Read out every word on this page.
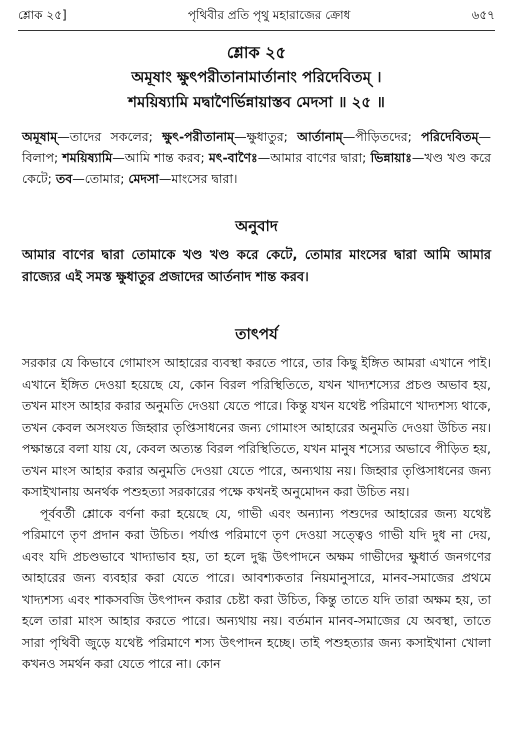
শ্লোক ২৫]	পৃথিবীর প্রতি পৃথু মহারাজের ক্রোধ	৬৫৭
শ্লোক ২৫
অমূষাং ক্ষুৎপরীতানামার্তানাং পরিদেবিতম্ ।
শময়িষ্যামি মদ্বাণৈর্ভিন্নায়াস্তব মেদসা ॥ ২৫ ॥
অমূষাম্—তাদের সকলের; ক্ষুৎ-পরীতানাম্—ক্ষুধাতুর; আর্তানাম্—পীড়িতদের; পরিদেবিতম্—বিলাপ; শময়িষ্যামি—আমি শান্ত করব; মৎ-বাণৈঃ—আমার বাণের দ্বারা; ভিন্নায়াঃ—খণ্ড খণ্ড করে কেটে; তব—তোমার; মেদসা—মাংসের দ্বারা।
অনুবাদ
আমার বাণের দ্বারা তোমাকে খণ্ড খণ্ড করে কেটে, তোমার মাংসের দ্বারা আমি আমার রাজ্যের এই সমস্ত ক্ষুধাতুর প্রজাদের আর্তনাদ শান্ত করব।
তাৎপর্য

সরকার যে কিভাবে গোমাংস আহারের ব্যবস্থা করতে পারে, তার কিছু ইঙ্গিত আমরা এখানে পাই। এখানে ইঙ্গিত দেওয়া হয়েছে যে, কোন বিরল পরিস্থিতিতে, যখন খাদ্যশস্যের প্রচণ্ড অভাব হয়, তখন মাংস আহার করার অনুমতি দেওয়া যেতে পারে। কিন্তু যখন যথেষ্ট পরিমাণে খাদ্যশস্য থাকে, তখন কেবল অসংযত জিহ্বার তৃপ্তিসাধনের জন্য গোমাংস আহারের অনুমতি দেওয়া উচিত নয়। পক্ষান্তরে বলা যায় যে, কেবল অত্যন্ত বিরল পরিস্থিতিতে, যখন মানুষ শস্যের অভাবে পীড়িত হয়, তখন মাংস আহার করার অনুমতি দেওয়া যেতে পারে, অন্যথায় নয়। জিহ্বার তৃপ্তিসাধনের জন্য কসাইখানায় অনর্থক পশুহত্যা সরকারের পক্ষে কখনই অনুমোদন করা উচিত নয়।

পূর্ববর্তী শ্লোকে বর্ণনা করা হয়েছে যে, গাভী এবং অন্যান্য পশুদের আহারের জন্য যথেষ্ট পরিমাণে তৃণ প্রদান করা উচিত। পর্যাপ্ত পরিমাণে তৃণ দেওয়া সত্ত্বেও গাভী যদি দুধ না দেয়, এবং যদি প্রচণ্ডভাবে খাদ্যাভাব হয়, তা হলে দুগ্ধ উৎপাদনে অক্ষম গাভীদের ক্ষুধার্ত জনগণের আহারের জন্য ব্যবহার করা যেতে পারে। আবশ্যকতার নিয়মানুসারে, মানব-সমাজের প্রথমে খাদ্যশস্য এবং শাকসবজি উৎপাদন করার চেষ্টা করা উচিত, কিন্তু তাতে যদি তারা অক্ষম হয়, তা হলে তারা মাংস আহার করতে পারে। অন্যথায় নয়। বর্তমান মানব-সমাজের যে অবস্থা, তাতে সারা পৃথিবী জুড়ে যথেষ্ট পরিমাণে শস্য উৎপাদন হচ্ছে। তাই পশুহত্যার জন্য কসাইখানা খোলা কখনও সমর্থন করা যেতে পারে না। কোন
